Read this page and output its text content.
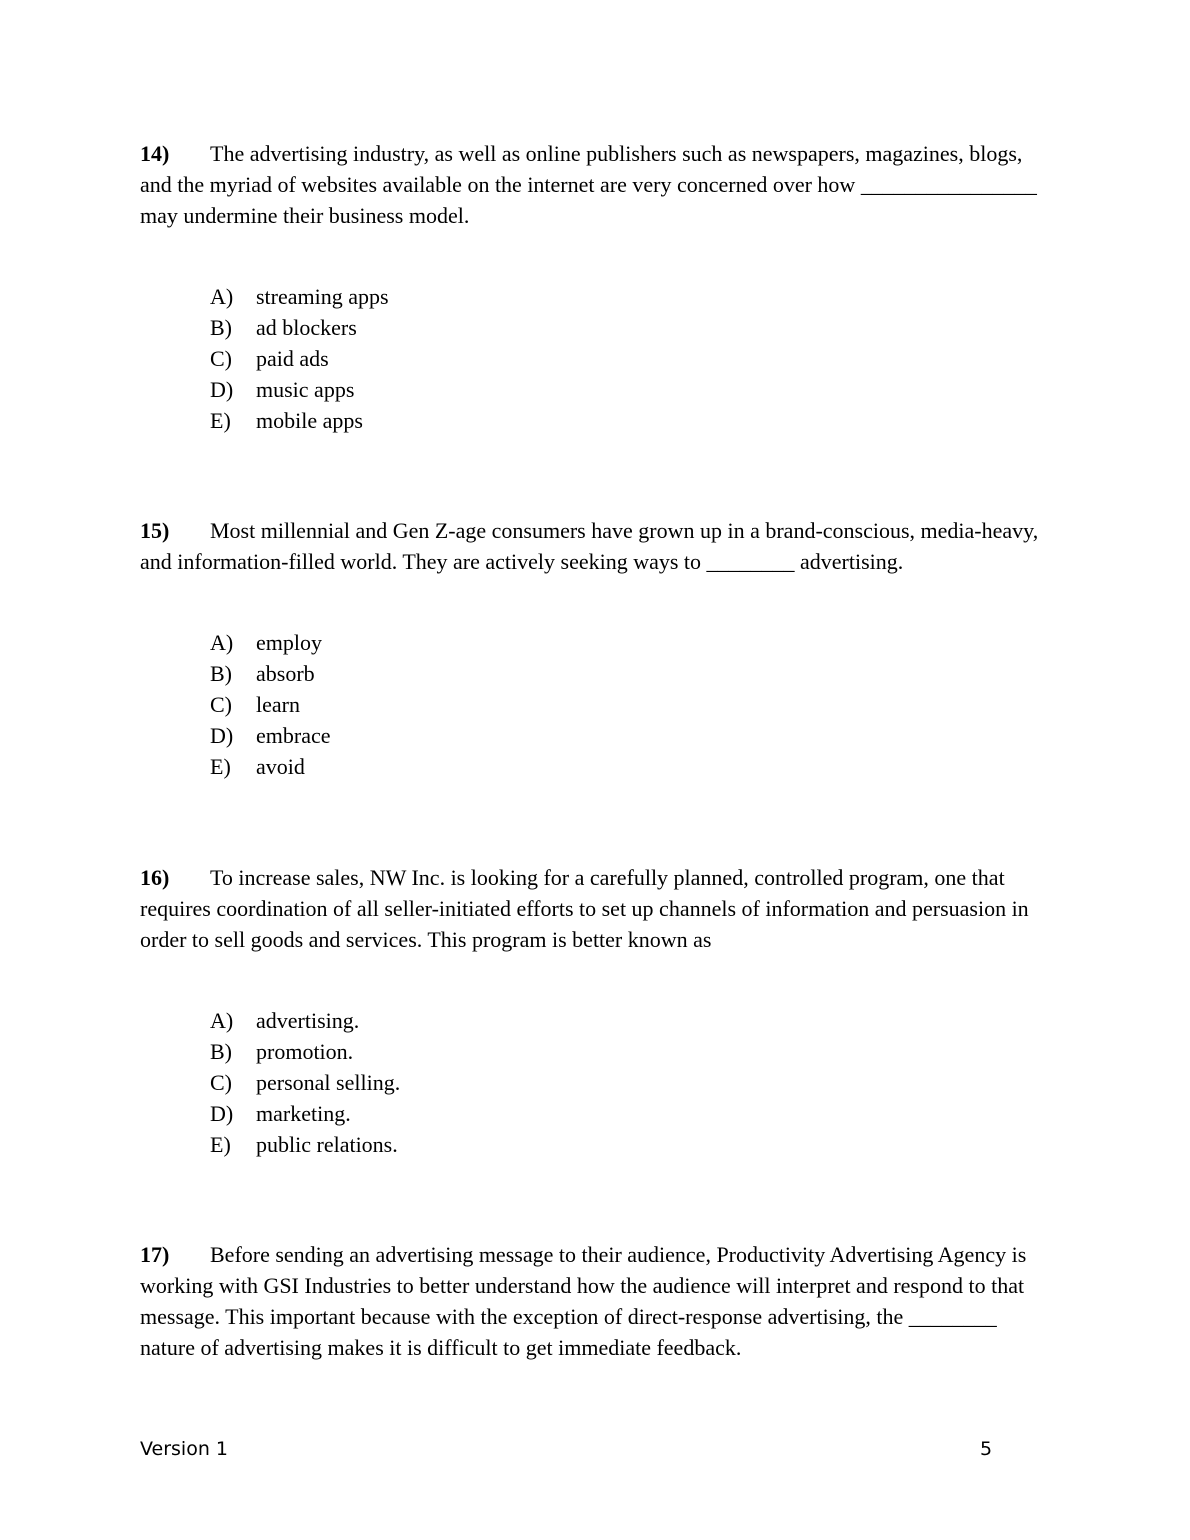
14) The advertising industry, as well as online publishers such as newspapers, magazines, blogs, and the myriad of websites available on the internet are very concerned over how ________________ may undermine their business model.

A) streaming apps
B) ad blockers
C) paid ads
D) music apps
E) mobile apps

15) Most millennial and Gen Z-age consumers have grown up in a brand-conscious, media-heavy, and information-filled world. They are actively seeking ways to ________ advertising.

A) employ
B) absorb
C) learn
D) embrace
E) avoid

16) To increase sales, NW Inc. is looking for a carefully planned, controlled program, one that requires coordination of all seller-initiated efforts to set up channels of information and persuasion in order to sell goods and services. This program is better known as

A) advertising.
B) promotion.
C) personal selling.
D) marketing.
E) public relations.

17) Before sending an advertising message to their audience, Productivity Advertising Agency is working with GSI Industries to better understand how the audience will interpret and respond to that message. This important because with the exception of direct-response advertising, the ________ nature of advertising makes it is difficult to get immediate feedback.

Version 1	5
